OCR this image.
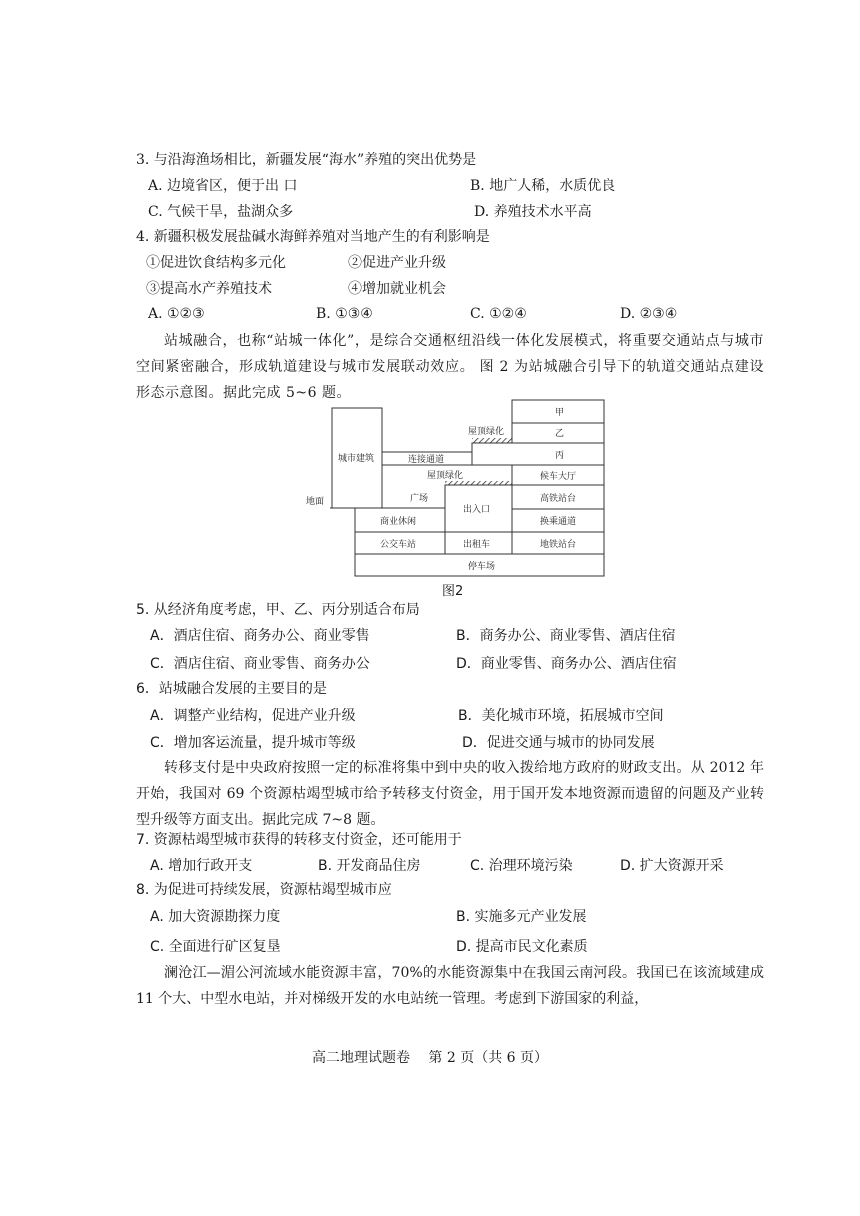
3. 与沿海渔场相比，新疆发展“海水”养殖的突出优势是
A. 边境省区，便于出 口	B. 地广人稀，水质优良
C. 气候干旱，盐湖众多	D. 养殖技术水平高
4. 新疆积极发展盐碱水海鲜养殖对当地产生的有利影响是
①促进饮食结构多元化	②促进产业升级
③提高水产养殖技术	④增加就业机会
A. ①②③	B. ①③④	C. ①②④	D. ②③④
站城融合，也称“站城一体化”，是综合交通枢纽沿线一体化发展模式，将重要交通站点与城市空间紧密融合，形成轨道建设与城市发展联动效应。 图 2 为站城融合引导下的轨道交通站点建设形态示意图。据此完成 5~6 题。
地面
城市建筑	连接通道
屋顶绿化
甲
乙
丙
屋顶绿化	候车大厅
广场
出入口
高铁站台
换乘通道
商业休闲
公交车站	出租车	地铁站台
停车场
图2
5. 从经济角度考虑，甲、乙、丙分别适合布局
A．酒店住宿、商务办公、商业零售	B．商务办公、商业零售、酒店住宿
C．酒店住宿、商业零售、商务办公	D．商业零售、商务办公、酒店住宿
6．站城融合发展的主要目的是
A．调整产业结构，促进产业升级	B．美化城市环境，拓展城市空间
C．增加客运流量，提升城市等级	D．促进交通与城市的协同发展
转移支付是中央政府按照一定的标准将集中到中央的收入拨给地方政府的财政支出。从 2012 年开始，我国对 69 个资源枯竭型城市给予转移支付资金，用于国开发本地资源而遗留的问题及产业转型升级等方面支出。据此完成 7~8 题。
7. 资源枯竭型城市获得的转移支付资金，还可能用于
A. 增加行政开支	B. 开发商品住房	C. 治理环境污染	D. 扩大资源开采
8. 为促进可持续发展，资源枯竭型城市应
A. 加大资源勘探力度	B. 实施多元产业发展
C. 全面进行矿区复垦	D. 提高市民文化素质
澜沧江—湄公河流域水能资源丰富，70%的水能资源集中在我国云南河段。我国已在该流域建成 11 个大、中型水电站，并对梯级开发的水电站统一管理。考虑到下游国家的利益，
高二地理试题卷　 第 2 页（共 6 页）
